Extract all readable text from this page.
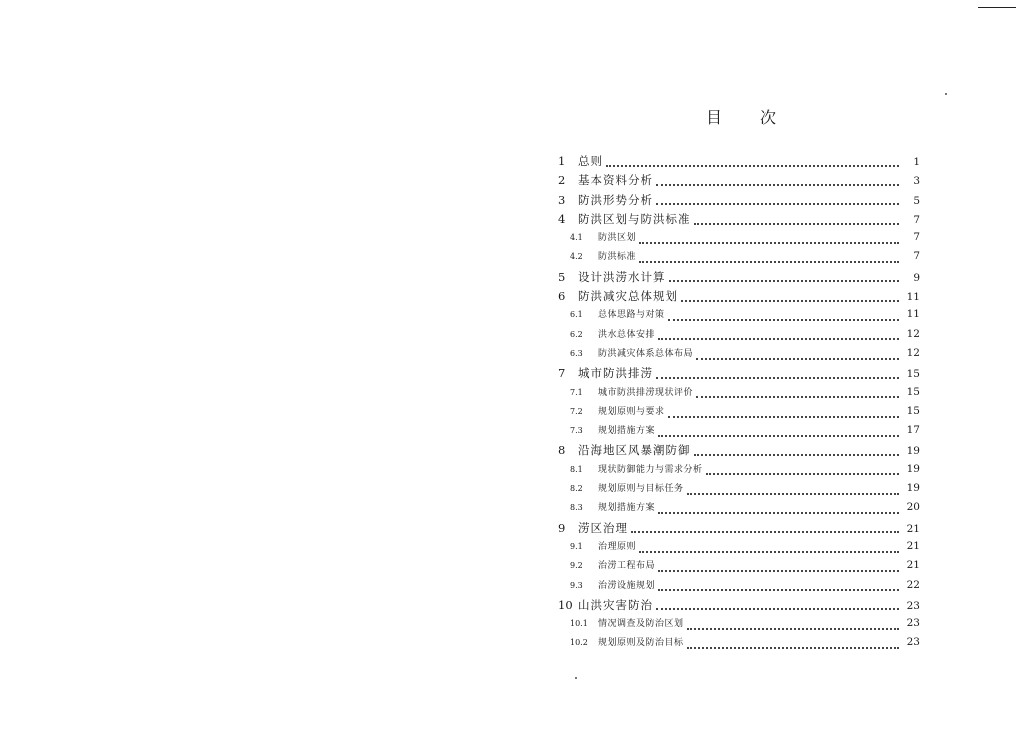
目 次
1	总则	1
2	基本资料分析	3
3	防洪形势分析	5
4	防洪区划与防洪标准	7
4.1	防洪区划	7
4.2	防洪标准	7
5	设计洪涝水计算	9
6	防洪减灾总体规划	11
6.1	总体思路与对策	11
6.2	洪水总体安排	12
6.3	防洪减灾体系总体布局	12
7	城市防洪排涝	15
7.1	城市防洪排涝现状评价	15
7.2	规划原则与要求	15
7.3	规划措施方案	17
8	沿海地区风暴潮防御	19
8.1	现状防御能力与需求分析	19
8.2	规划原则与目标任务	19
8.3	规划措施方案	20
9	涝区治理	21
9.1	治理原则	21
9.2	治涝工程布局	21
9.3	治涝设施规划	22
10 山洪灾害防治	23
10.1	情况调查及防治区划	23
10.2	规划原则及防治目标	23
